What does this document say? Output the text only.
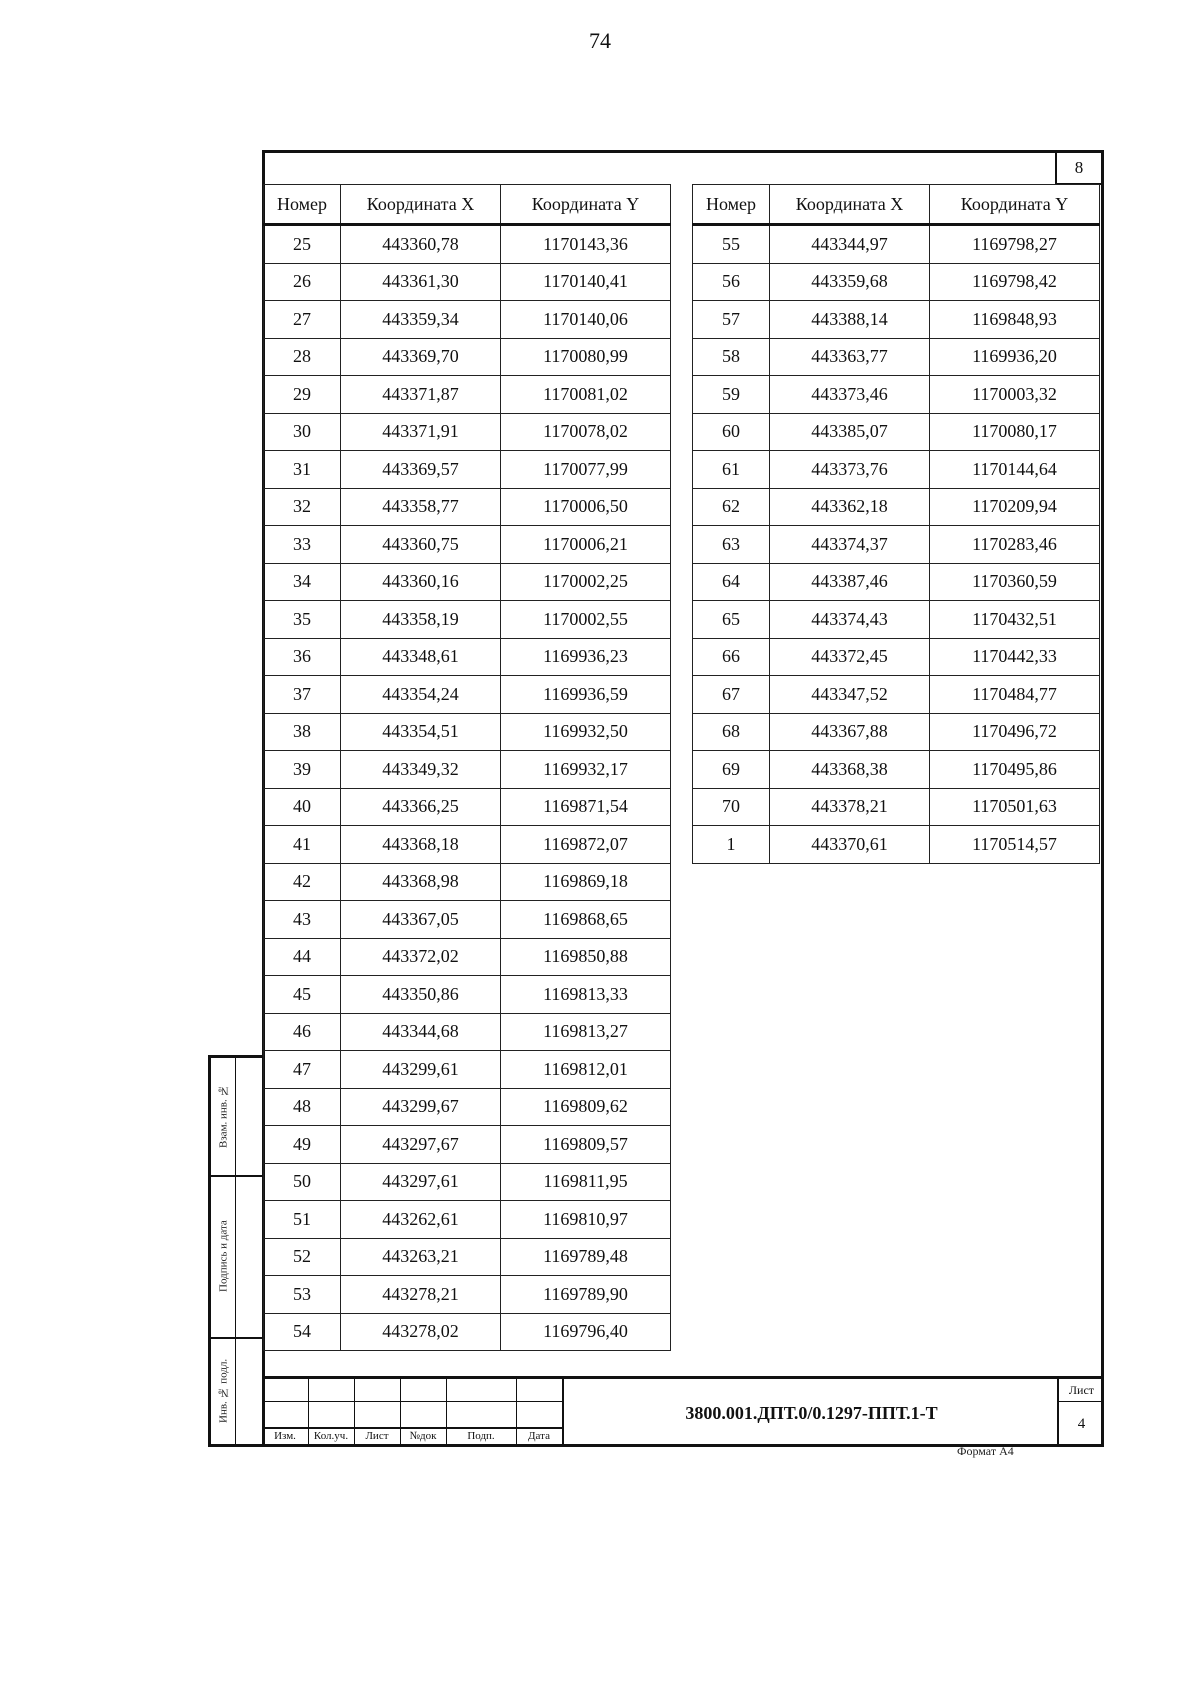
74
8
Номер	Координата X	Координата Y
25	443360,78	1170143,36
26	443361,30	1170140,41
27	443359,34	1170140,06
28	443369,70	1170080,99
29	443371,87	1170081,02
30	443371,91	1170078,02
31	443369,57	1170077,99
32	443358,77	1170006,50
33	443360,75	1170006,21
34	443360,16	1170002,25
35	443358,19	1170002,55
36	443348,61	1169936,23
37	443354,24	1169936,59
38	443354,51	1169932,50
39	443349,32	1169932,17
40	443366,25	1169871,54
41	443368,18	1169872,07
42	443368,98	1169869,18
43	443367,05	1169868,65
44	443372,02	1169850,88
45	443350,86	1169813,33
46	443344,68	1169813,27
47	443299,61	1169812,01
48	443299,67	1169809,62
49	443297,67	1169809,57
50	443297,61	1169811,95
51	443262,61	1169810,97
52	443263,21	1169789,48
53	443278,21	1169789,90
54	443278,02	1169796,40
Номер	Координата X	Координата Y
55	443344,97	1169798,27
56	443359,68	1169798,42
57	443388,14	1169848,93
58	443363,77	1169936,20
59	443373,46	1170003,32
60	443385,07	1170080,17
61	443373,76	1170144,64
62	443362,18	1170209,94
63	443374,37	1170283,46
64	443387,46	1170360,59
65	443374,43	1170432,51
66	443372,45	1170442,33
67	443347,52	1170484,77
68	443367,88	1170496,72
69	443368,38	1170495,86
70	443378,21	1170501,63
1	443370,61	1170514,57
Взам. инв. №
Подпись и дата
Инв. № подл.
Изм.	Кол.уч.	Лист	№док	Подп.	Дата
3800.001.ДПТ.0/0.1297-ППТ.1-Т
Лист
4
Формат А4
